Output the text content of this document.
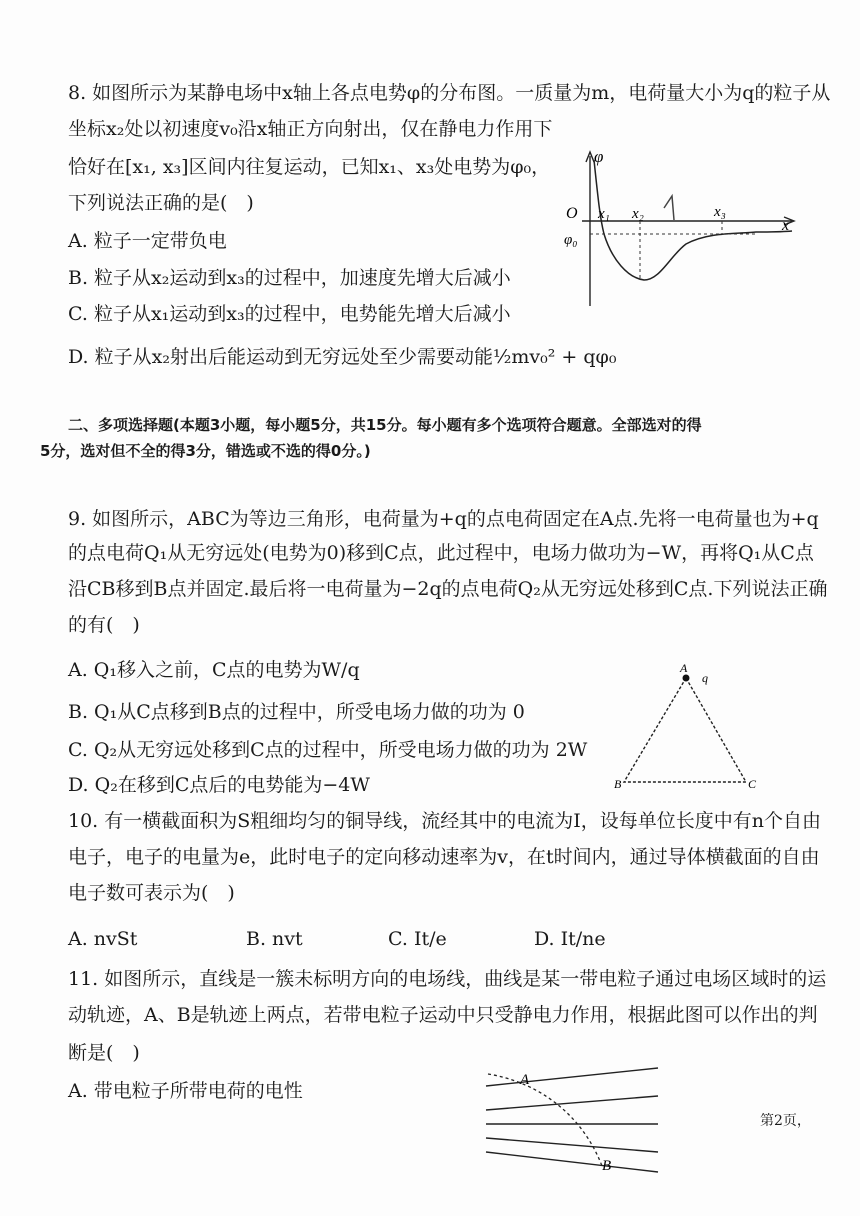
8. 如图所示为某静电场中x轴上各点电势φ的分布图。一质量为m，电荷量大小为q的粒子从
坐标x₂处以初速度v₀沿x轴正方向射出，仅在静电力作用下
恰好在[x₁, x₃]区间内往复运动，已知x₁、x₃处电势为φ₀，
下列说法正确的是(　)
A. 粒子一定带负电
B. 粒子从x₂运动到x₃的过程中，加速度先增大后减小
C. 粒子从x₁运动到x₃的过程中，电势能先增大后减小
D. 粒子从x₂射出后能运动到无穷远处至少需要动能½mv₀² + qφ₀
φ
O x₁ x₂	x₃
x
φ₀
二、多项选择题(本题3小题，每小题5分，共15分。每小题有多个选项符合题意。全部选对的得
5分，选对但不全的得3分，错选或不选的得0分。)
9. 如图所示，ABC为等边三角形，电荷量为+q的点电荷固定在A点.先将一电荷量也为+q
的点电荷Q₁从无穷远处(电势为0)移到C点，此过程中，电场力做功为−W，再将Q₁从C点
沿CB移到B点并固定.最后将一电荷量为−2q的点电荷Q₂从无穷远处移到C点.下列说法正确
的有(　)
A. Q₁移入之前，C点的电势为W/q
B. Q₁从C点移到B点的过程中，所受电场力做的功为 0
C. Q₂从无穷远处移到C点的过程中，所受电场力做的功为 2W
D. Q₂在移到C点后的电势能为−4W
A
q
B	C
10. 有一横截面积为S粗细均匀的铜导线，流经其中的电流为I，设每单位长度中有n个自由
电子，电子的电量为e，此时电子的定向移动速率为v，在t时间内，通过导体横截面的自由
电子数可表示为(　)
A. nvSt	B. nvt	C. It/e	D. It/ne
11. 如图所示，直线是一簇未标明方向的电场线，曲线是某一带电粒子通过电场区域时的运
动轨迹，A、B是轨迹上两点，若带电粒子运动中只受静电力作用，根据此图可以作出的判
断是(　)
A. 带电粒子所带电荷的电性	A
B
第2页，
